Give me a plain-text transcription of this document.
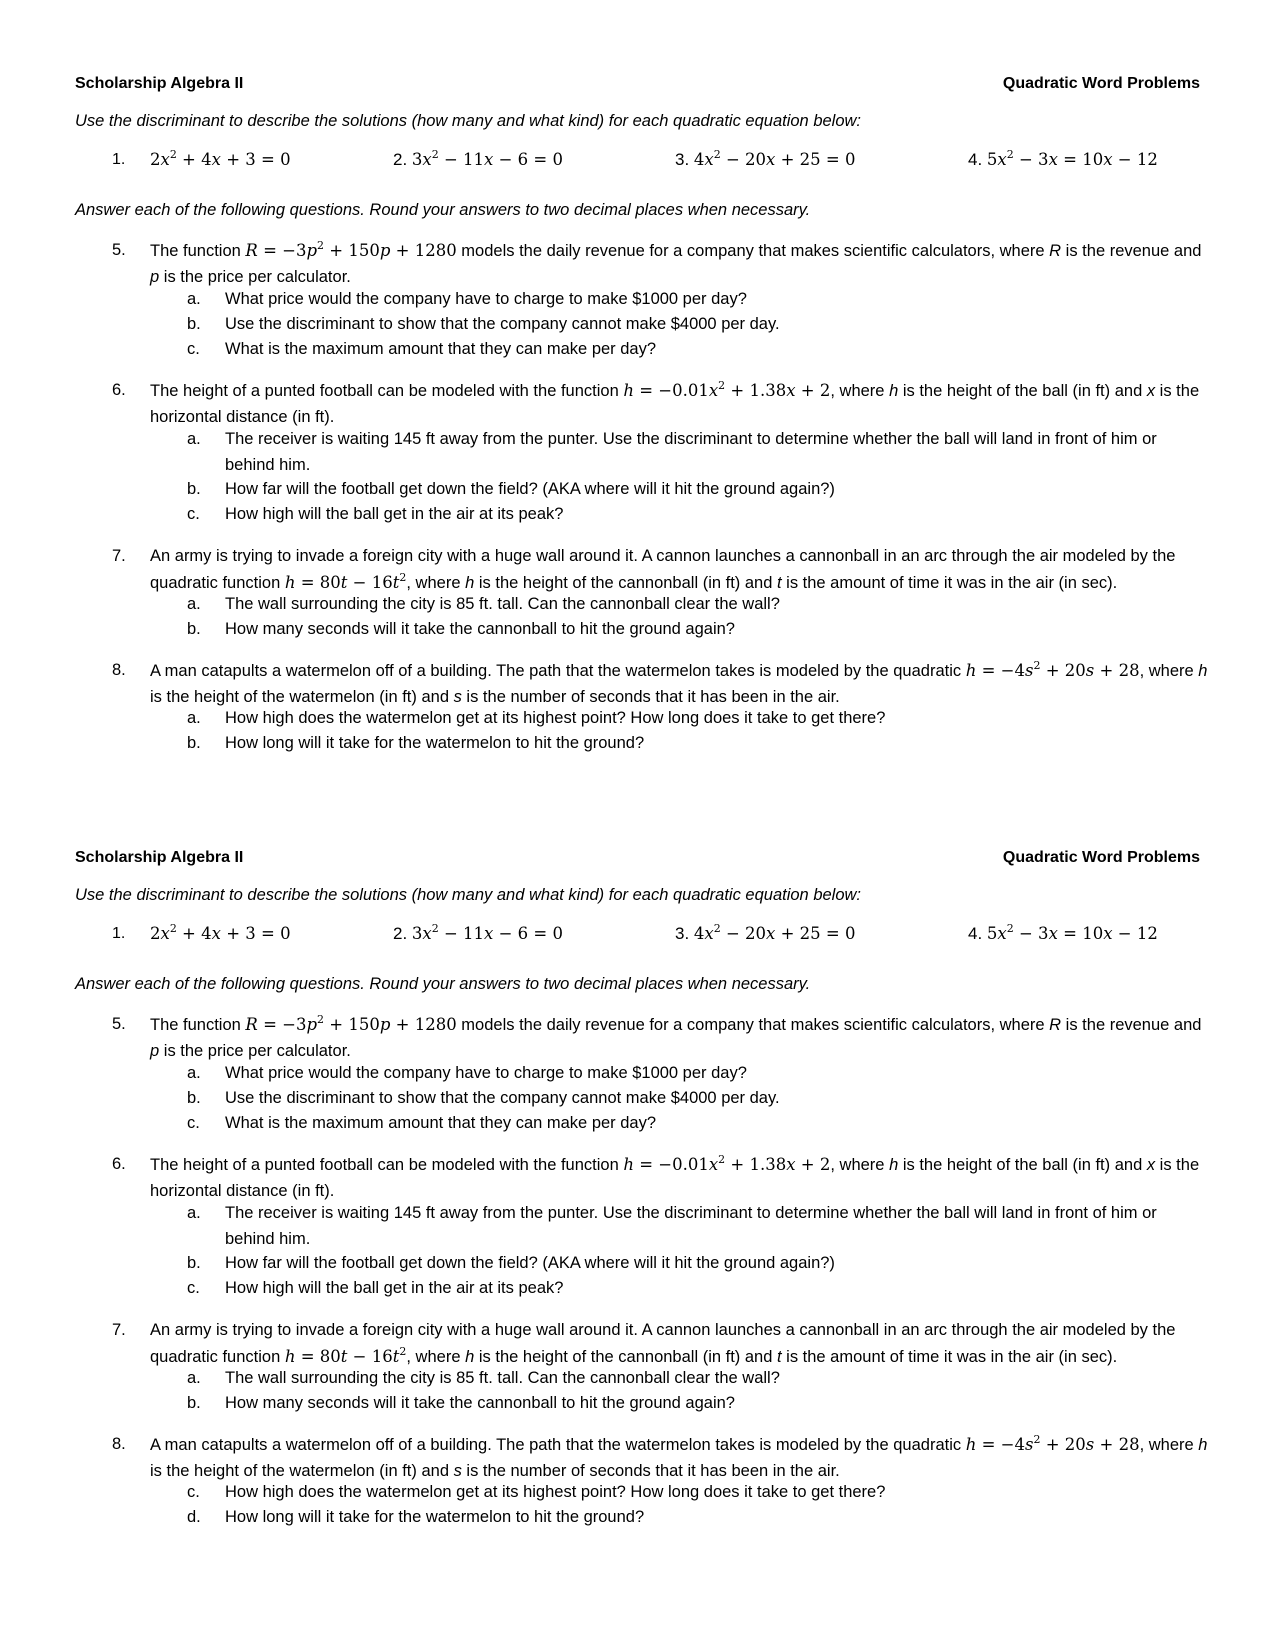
Scholarship Algebra II	Quadratic Word Problems
Use the discriminant to describe the solutions (how many and what kind) for each quadratic equation below:
1. $2x^2 + 4x + 3 = 0$	2. $3x^2 - 11x - 6 = 0$	3. $4x^2 - 20x + 25 = 0$	4. $5x^2 - 3x = 10x - 12$
Answer each of the following questions. Round your answers to two decimal places when necessary.
5. The function $R = -3p^2 + 150p + 1280$ models the daily revenue for a company that makes scientific calculators, where R is the revenue and p is the price per calculator.
a. What price would the company have to charge to make $1000 per day?
b. Use the discriminant to show that the company cannot make $4000 per day.
c. What is the maximum amount that they can make per day?
6. The height of a punted football can be modeled with the function $h = -0.01x^2 + 1.38x + 2$, where h is the height of the ball (in ft) and x is the horizontal distance (in ft).
a. The receiver is waiting 145 ft away from the punter. Use the discriminant to determine whether the ball will land in front of him or behind him.
b. How far will the football get down the field? (AKA where will it hit the ground again?)
c. How high will the ball get in the air at its peak?
7. An army is trying to invade a foreign city with a huge wall around it. A cannon launches a cannonball in an arc through the air modeled by the quadratic function $h = 80t - 16t^2$, where h is the height of the cannonball (in ft) and t is the amount of time it was in the air (in sec).
a. The wall surrounding the city is 85 ft. tall. Can the cannonball clear the wall?
b. How many seconds will it take the cannonball to hit the ground again?
8. A man catapults a watermelon off of a building. The path that the watermelon takes is modeled by the quadratic $h = -4s^2 + 20s + 28$, where h is the height of the watermelon (in ft) and s is the number of seconds that it has been in the air.
a. How high does the watermelon get at its highest point? How long does it take to get there?
b. How long will it take for the watermelon to hit the ground?
Scholarship Algebra II	Quadratic Word Problems
Use the discriminant to describe the solutions (how many and what kind) for each quadratic equation below:
1. $2x^2 + 4x + 3 = 0$	2. $3x^2 - 11x - 6 = 0$	3. $4x^2 - 20x + 25 = 0$	4. $5x^2 - 3x = 10x - 12$
Answer each of the following questions. Round your answers to two decimal places when necessary.
5. The function $R = -3p^2 + 150p + 1280$ models the daily revenue for a company that makes scientific calculators, where R is the revenue and p is the price per calculator.
a. What price would the company have to charge to make $1000 per day?
b. Use the discriminant to show that the company cannot make $4000 per day.
c. What is the maximum amount that they can make per day?
6. The height of a punted football can be modeled with the function $h = -0.01x^2 + 1.38x + 2$, where h is the height of the ball (in ft) and x is the horizontal distance (in ft).
a. The receiver is waiting 145 ft away from the punter. Use the discriminant to determine whether the ball will land in front of him or behind him.
b. How far will the football get down the field? (AKA where will it hit the ground again?)
c. How high will the ball get in the air at its peak?
7. An army is trying to invade a foreign city with a huge wall around it. A cannon launches a cannonball in an arc through the air modeled by the quadratic function $h = 80t - 16t^2$, where h is the height of the cannonball (in ft) and t is the amount of time it was in the air (in sec).
a. The wall surrounding the city is 85 ft. tall. Can the cannonball clear the wall?
b. How many seconds will it take the cannonball to hit the ground again?
8. A man catapults a watermelon off of a building. The path that the watermelon takes is modeled by the quadratic $h = -4s^2 + 20s + 28$, where h is the height of the watermelon (in ft) and s is the number of seconds that it has been in the air.
c. How high does the watermelon get at its highest point? How long does it take to get there?
d. How long will it take for the watermelon to hit the ground?
